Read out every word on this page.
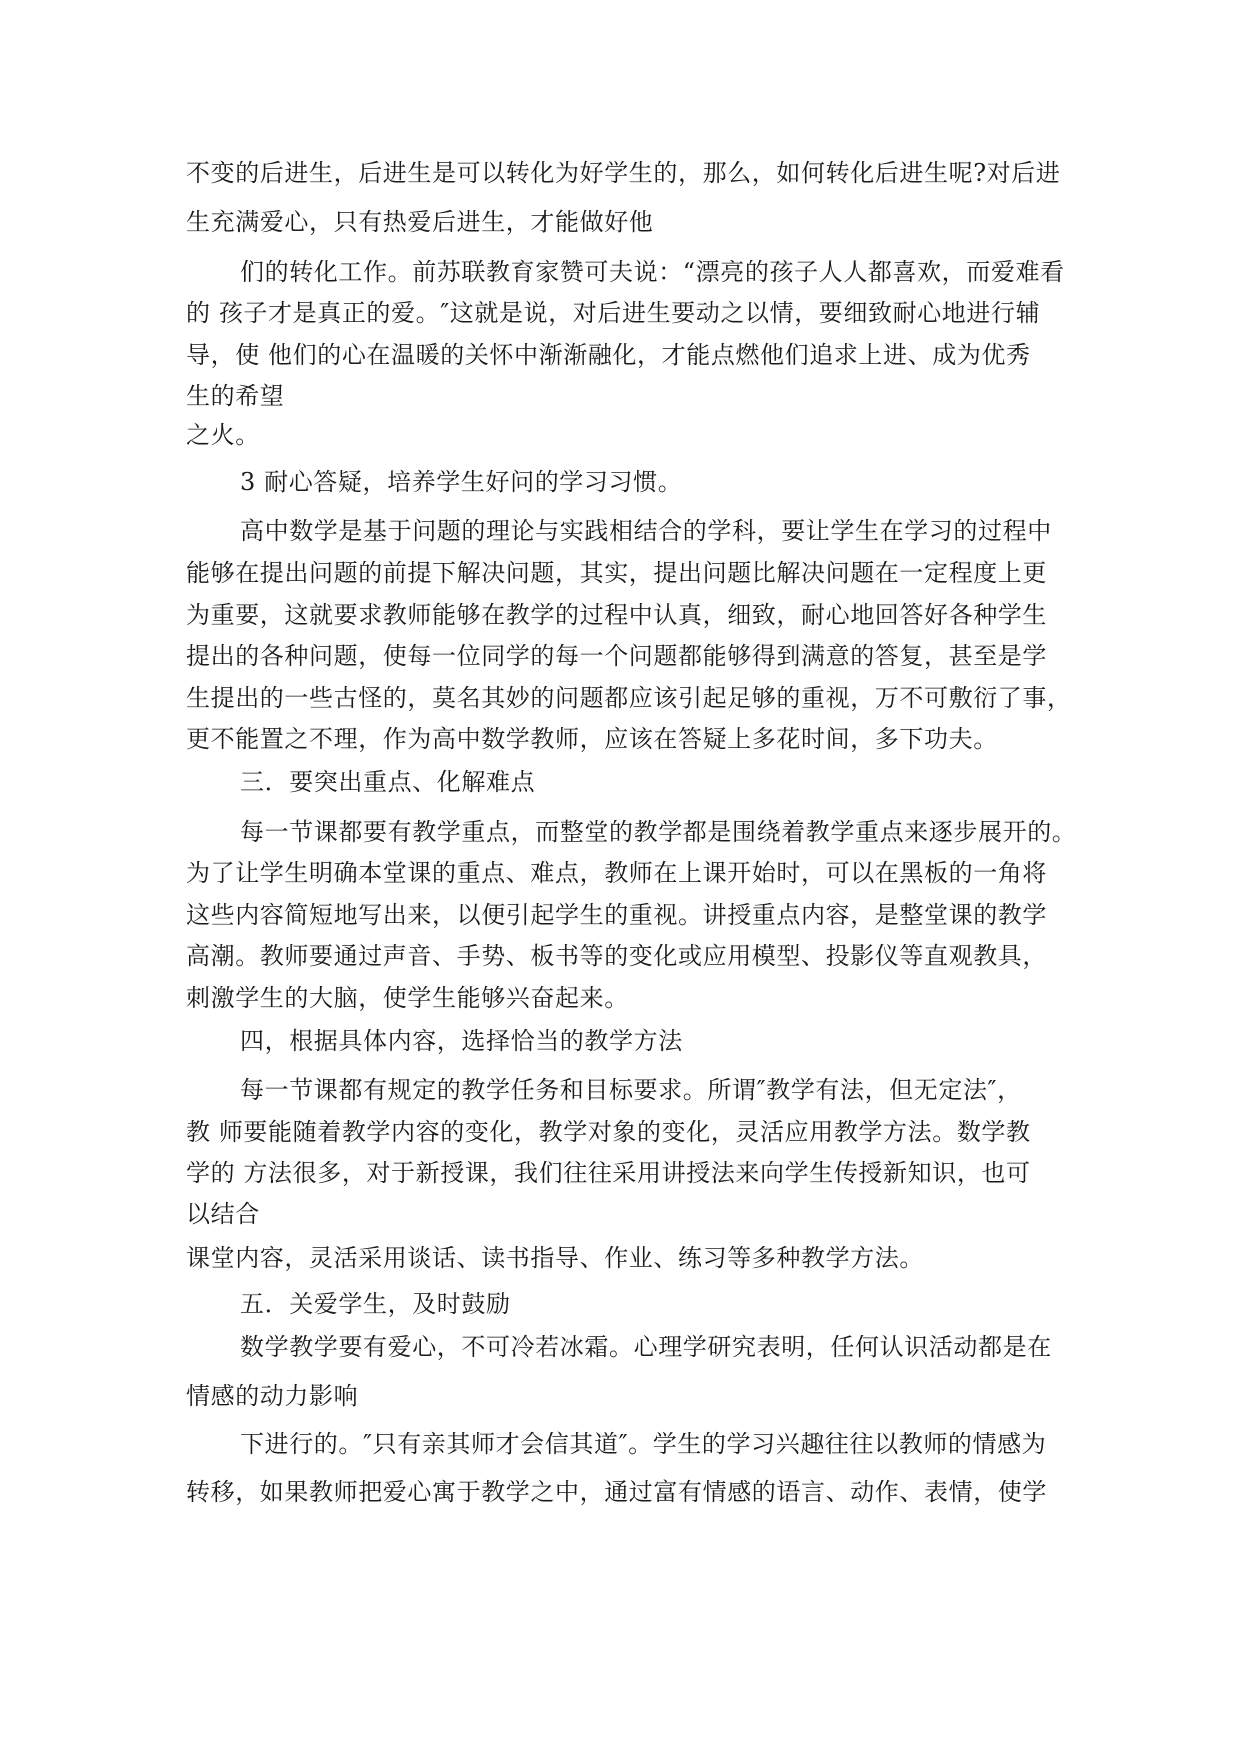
不变的后进生，后进生是可以转化为好学生的，那么，如何转化后进生呢?对后进
生充满爱心，只有热爱后进生，才能做好他
们的转化工作。前苏联教育家赞可夫说：“漂亮的孩子人人都喜欢，而爱难看
的 孩子才是真正的爱。″这就是说，对后进生要动之以情，要细致耐心地进行辅
导，使 他们的心在温暖的关怀中渐渐融化，才能点燃他们追求上进、成为优秀
生的希望
之火。
3 耐心答疑，培养学生好问的学习习惯。
高中数学是基于问题的理论与实践相结合的学科，要让学生在学习的过程中
能够在提出问题的前提下解决问题，其实，提出问题比解决问题在一定程度上更
为重要，这就要求教师能够在教学的过程中认真，细致，耐心地回答好各种学生
提出的各种问题，使每一位同学的每一个问题都能够得到满意的答复，甚至是学
生提出的一些古怪的，莫名其妙的问题都应该引起足够的重视，万不可敷衍了事，
更不能置之不理，作为高中数学教师，应该在答疑上多花时间，多下功夫。
三．要突出重点、化解难点
每一节课都要有教学重点，而整堂的教学都是围绕着教学重点来逐步展开的。
为了让学生明确本堂课的重点、难点，教师在上课开始时，可以在黑板的一角将
这些内容简短地写出来，以便引起学生的重视。讲授重点内容，是整堂课的教学
高潮。教师要通过声音、手势、板书等的变化或应用模型、投影仪等直观教具，
刺激学生的大脑，使学生能够兴奋起来。
四，根据具体内容，选择恰当的教学方法
每一节课都有规定的教学任务和目标要求。所谓″教学有法，但无定法″，
教 师要能随着教学内容的变化，教学对象的变化，灵活应用教学方法。数学教
学的 方法很多，对于新授课，我们往往采用讲授法来向学生传授新知识，也可
以结合
课堂内容，灵活采用谈话、读书指导、作业、练习等多种教学方法。
五．关爱学生，及时鼓励
数学教学要有爱心，不可冷若冰霜。心理学研究表明，任何认识活动都是在
情感的动力影响
下进行的。″只有亲其师才会信其道″。学生的学习兴趣往往以教师的情感为
转移，如果教师把爱心寓于教学之中，通过富有情感的语言、动作、表情，使学
